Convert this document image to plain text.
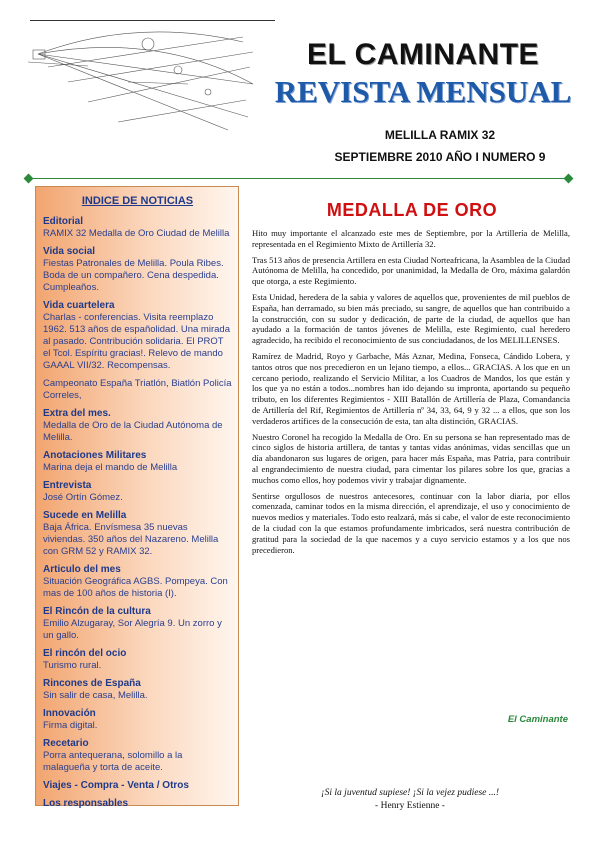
EL CAMINANTE
REVISTA MENSUAL
MELILLA RAMIX 32
SEPTIEMBRE 2010 AÑO I NUMERO 9
INDICE DE NOTICIAS
Editorial
RAMIX 32 Medalla de Oro Ciudad de Melilla
Vida social
Fiestas Patronales de Melilla. Poula Ribes. Boda de un compañero. Cena despedida. Cumpleaños.
Vida cuartelera
Charlas - conferencias. Visita reemplazo 1962. 513 años de españolidad. Una mirada al pasado. Contribución solidaria. El PROT el Tcol. Espíritu gracias!. Relevo de mando GAAAL VII/32. Recompensas.
Campeonato España Triatlón, Biatlón Policía Correles,
Extra del mes.
Medalla de Oro de la Ciudad Autónoma de Melilla.
Anotaciones Militares
Marina deja el mando de Melilla
Entrevista
José Ortín Gómez.
Sucede en Melilla
Baja África. Envísmesa 35 nuevas viviendas. 350 años del Nazareno. Melilla con GRM 52 y RAMIX 32.
Articulo del mes
Situación Geográfica AGBS. Pompeya. Con mas de 100 años de historia (I).
El Rincón de la cultura
Emilio Alzugaray, Sor Alegría 9. Un zorro y un gallo.
El rincón del ocio
Turismo rural.
Rincones de España
Sin salir de casa, Melilla.
Innovación
Firma digital.
Recetario
Porra antequerana, solomillo a la malagueña y torta de aceite.
Viajes - Compra - Venta / Otros
Los responsables
MEDALLA DE ORO

Hito muy importante el alcanzado este mes de Septiembre, por la Artillería de Melilla, representada en el Regimiento Mixto de Artillería 32.

Tras 513 años de presencia Artillera en esta Ciudad Norteafricana, la Asamblea de la Ciudad Autónoma de Melilla, ha concedido, por unanimidad, la Medalla de Oro, máxima galardón que otorga, a este Regimiento.

Esta Unidad, heredera de la sabia y valores de aquellos que, provenientes de mil pueblos de España, han derramado, su bien más preciado, su sangre, de aquellos que han contribuido a la construcción, con su sudor y dedicación, de parte de la ciudad, de aquellos que han ayudado a la formación de tantos jóvenes de Melilla, este Regimiento, cual heredero agradecido, ha recibido el reconocimiento de sus conciudadanos, de los MELILLENSES.

Ramírez de Madrid, Royo y Garbache, Más Aznar, Medina, Fonseca, Cándido Lobera, y tantos otros que nos precedieron en un lejano tiempo, a ellos... GRACIAS. A los que en un cercano periodo, realizando el Servicio Militar, a los Cuadros de Mandos, los que están y los que ya no están a todos...nombres han ido dejando su impronta, aportando su pequeño tributo, en los diferentes Regimientos - XIII Batallón de Artillería de Plaza, Comandancia de Artillería del Rif, Regimientos de Artillería nº 34, 33, 64, 9 y 32 ... a ellos, que son los verdaderos artífices de la consecución de esta, tan alta distinción, GRACIAS.

Nuestro Coronel ha recogido la Medalla de Oro. En su persona se han representado mas de cinco siglos de historia artillera, de tantas y tantas vidas anónimas, vidas sencillas que un día abandonaron sus lugares de origen, para hacer más España, mas Patria, para contribuir al engrandecimiento de nuestra ciudad, para cimentar los pilares sobre los que, gracias a muchos como ellos, hoy podemos vivir y trabajar dignamente.

Sentirse orgullosos de nuestros antecesores, continuar con la labor diaria, por ellos comenzada, caminar todos en la misma dirección, el aprendizaje, el uso y conocimiento de nuevos medios y materiales. Todo esto realzará, más si cabe, el valor de este reconocimiento de la ciudad con la que estamos profundamente imbricados, será nuestra contribución de gratitud para la sociedad de la que nacemos y a cuyo servicio estamos y a los que nos precedieron.

El Caminante
¡Si la juventud supiese! ¡Si la vejez pudiese ...!
- Henry Estienne -
